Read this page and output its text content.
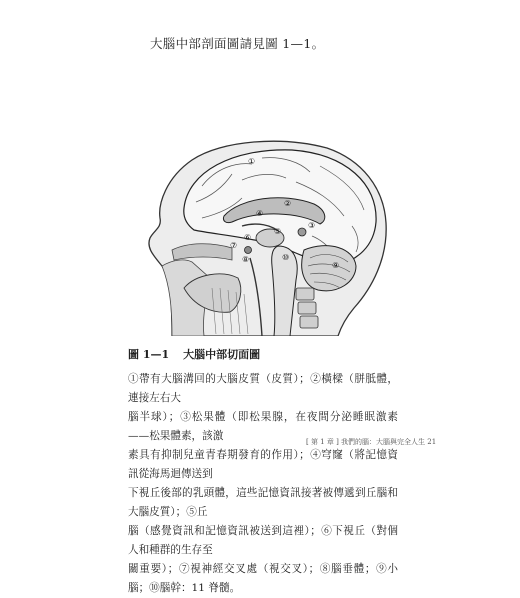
大腦中部剖面圖請見圖 1—1。
①
②
③
④
⑤
⑥
⑦
⑧
⑨
⑩
圖 1—1 大腦中部切面圖

①帶有大腦溝回的大腦皮質（皮質）；②橫樑（胼胝體，連接左右大

腦半球）；③松果體（即松果腺，在夜間分泌睡眠激素——松果體素，該激

素具有抑制兒童青春期發育的作用）；④穹窿（將記憶資訊從海馬迴傳送到

下視丘後部的乳頭體，這些記憶資訊接著被傳遞到丘腦和大腦皮質）；⑤丘

腦（感覺資訊和記憶資訊被送到這裡）；⑥下視丘（對個人和種群的生存至

關重要）；⑦視神經交叉處（視交叉）；⑧腦垂體；⑨小腦；⑩腦幹：11 脊髓。

[ 第 1 章 ] 我們的腦：大腦與完全人生 21
